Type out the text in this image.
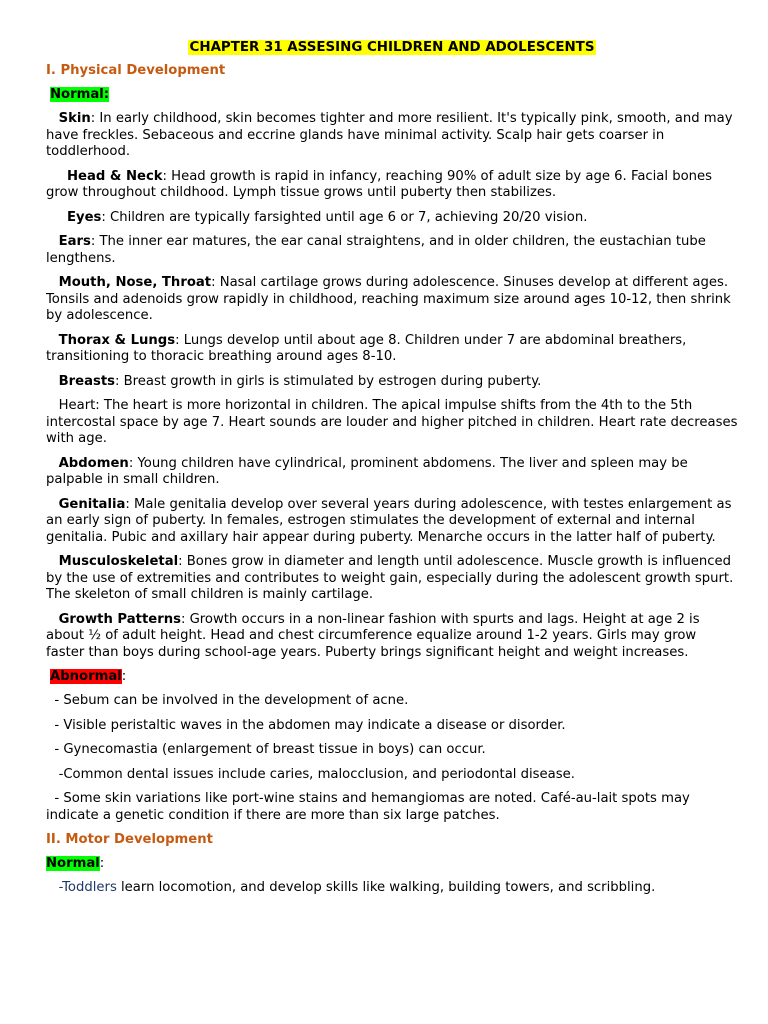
CHAPTER 31 ASSESING CHILDREN AND ADOLESCENTS
I. Physical Development
Normal:

Skin: In early childhood, skin becomes tighter and more resilient. It's typically pink, smooth, and may have freckles. Sebaceous and eccrine glands have minimal activity. Scalp hair gets coarser in toddlerhood.

Head & Neck: Head growth is rapid in infancy, reaching 90% of adult size by age 6. Facial bones grow throughout childhood. Lymph tissue grows until puberty then stabilizes.

Eyes: Children are typically farsighted until age 6 or 7, achieving 20/20 vision.

Ears: The inner ear matures, the ear canal straightens, and in older children, the eustachian tube lengthens.

Mouth, Nose, Throat: Nasal cartilage grows during adolescence. Sinuses develop at different ages. Tonsils and adenoids grow rapidly in childhood, reaching maximum size around ages 10-12, then shrink by adolescence.

Thorax & Lungs: Lungs develop until about age 8. Children under 7 are abdominal breathers, transitioning to thoracic breathing around ages 8-10.

Breasts: Breast growth in girls is stimulated by estrogen during puberty.

Heart: The heart is more horizontal in children. The apical impulse shifts from the 4th to the 5th intercostal space by age 7. Heart sounds are louder and higher pitched in children. Heart rate decreases with age.

Abdomen: Young children have cylindrical, prominent abdomens. The liver and spleen may be palpable in small children.

Genitalia: Male genitalia develop over several years during adolescence, with testes enlargement as an early sign of puberty. In females, estrogen stimulates the development of external and internal genitalia. Pubic and axillary hair appear during puberty. Menarche occurs in the latter half of puberty.

Musculoskeletal: Bones grow in diameter and length until adolescence. Muscle growth is influenced by the use of extremities and contributes to weight gain, especially during the adolescent growth spurt. The skeleton of small children is mainly cartilage.

Growth Patterns: Growth occurs in a non-linear fashion with spurts and lags. Height at age 2 is about ½ of adult height. Head and chest circumference equalize around 1-2 years. Girls may grow faster than boys during school-age years. Puberty brings significant height and weight increases.

Abnormal:

- Sebum can be involved in the development of acne.

- Visible peristaltic waves in the abdomen may indicate a disease or disorder.

- Gynecomastia (enlargement of breast tissue in boys) can occur.

-Common dental issues include caries, malocclusion, and periodontal disease.

- Some skin variations like port-wine stains and hemangiomas are noted. Café-au-lait spots may indicate a genetic condition if there are more than six large patches.

II. Motor Development
Normal:

-Toddlers learn locomotion, and develop skills like walking, building towers, and scribbling.
